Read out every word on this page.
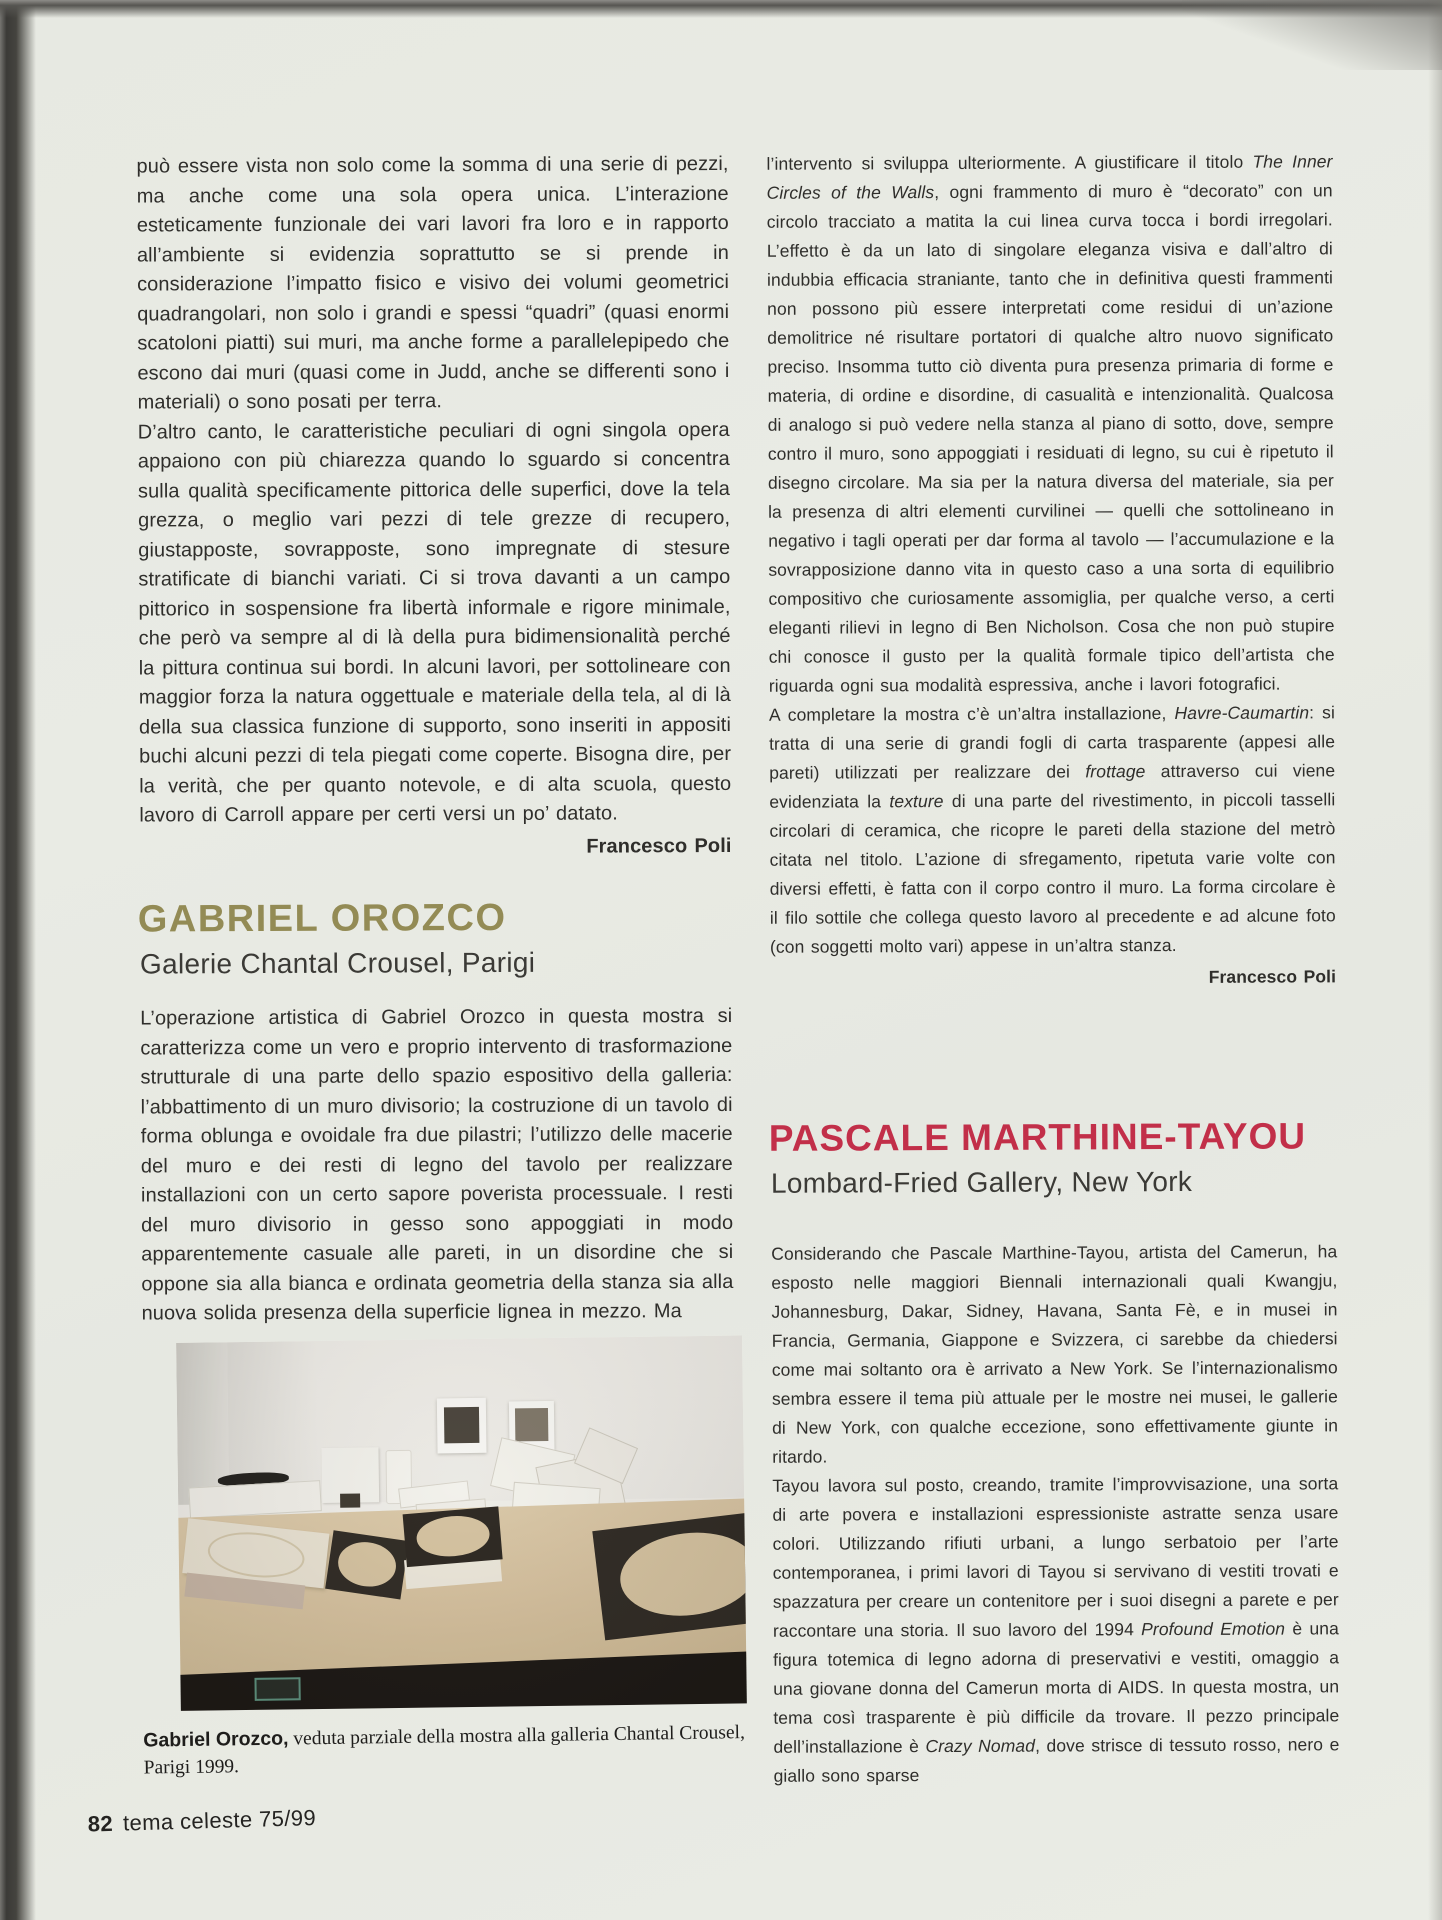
può essere vista non solo come la somma di una serie di pezzi, ma anche come una sola opera unica. L’interazione esteticamente funzionale dei vari lavori fra loro e in rapporto all’ambiente si evidenzia soprattutto se si prende in considerazione l’impatto fisico e visivo dei volumi geometrici quadrangolari, non solo i grandi e spessi “quadri” (quasi enormi scatoloni piatti) sui muri, ma anche forme a parallelepipedo che escono dai muri (quasi come in Judd, anche se differenti sono i materiali) o sono posati per terra.

D’altro canto, le caratteristiche peculiari di ogni singola opera appaiono con più chiarezza quando lo sguardo si concentra sulla qualità specificamente pittorica delle superfici, dove la tela grezza, o meglio vari pezzi di tele grezze di recupero, giustapposte, sovrapposte, sono impregnate di stesure stratificate di bianchi variati. Ci si trova davanti a un campo pittorico in sospensione fra libertà informale e rigore minimale, che però va sempre al di là della pura bidimensionalità perché la pittura continua sui bordi. In alcuni lavori, per sottolineare con maggior forza la natura oggettuale e materiale della tela, al di là della sua classica funzione di supporto, sono inseriti in appositi buchi alcuni pezzi di tela piegati come coperte. Bisogna dire, per la verità, che per quanto notevole, e di alta scuola, questo lavoro di Carroll appare per certi versi un po’ datato.

Francesco Poli
GABRIEL OROZCO
Galerie Chantal Crousel, Parigi

L’operazione artistica di Gabriel Orozco in questa mostra si caratterizza come un vero e proprio intervento di trasformazione strutturale di una parte dello spazio espositivo della galleria: l’abbattimento di un muro divisorio; la costruzione di un tavolo di forma oblunga e ovoidale fra due pilastri; l’utilizzo delle macerie del muro e dei resti di legno del tavolo per realizzare installazioni con un certo sapore poverista processuale. I resti del muro divisorio in gesso sono appoggiati in modo apparentemente casuale alle pareti, in un disordine che si oppone sia alla bianca e ordinata geometria della stanza sia alla nuova solida presenza della superficie lignea in mezzo. Ma

Gabriel Orozco, veduta parziale della mostra alla galleria Chantal Crousel, Parigi 1999.

l’intervento si sviluppa ulteriormente. A giustificare il titolo The Inner Circles of the Walls, ogni frammento di muro è “decorato” con un circolo tracciato a matita la cui linea curva tocca i bordi irregolari. L’effetto è da un lato di singolare eleganza visiva e dall’altro di indubbia efficacia straniante, tanto che in definitiva questi frammenti non possono più essere interpretati come residui di un’azione demolitrice né risultare portatori di qualche altro nuovo significato preciso. Insomma tutto ciò diventa pura presenza primaria di forme e materia, di ordine e disordine, di casualità e intenzionalità. Qualcosa di analogo si può vedere nella stanza al piano di sotto, dove, sempre contro il muro, sono appoggiati i residuati di legno, su cui è ripetuto il disegno circolare. Ma sia per la natura diversa del materiale, sia per la presenza di altri elementi curvilinei — quelli che sottolineano in negativo i tagli operati per dar forma al tavolo — l’accumulazione e la sovrapposizione danno vita in questo caso a una sorta di equilibrio compositivo che curiosamente assomiglia, per qualche verso, a certi eleganti rilievi in legno di Ben Nicholson. Cosa che non può stupire chi conosce il gusto per la qualità formale tipico dell’artista che riguarda ogni sua modalità espressiva, anche i lavori fotografici.

A completare la mostra c’è un’altra installazione, Havre-Caumartin: si tratta di una serie di grandi fogli di carta trasparente (appesi alle pareti) utilizzati per realizzare dei frottage attraverso cui viene evidenziata la texture di una parte del rivestimento, in piccoli tasselli circolari di ceramica, che ricopre le pareti della stazione del metrò citata nel titolo. L’azione di sfregamento, ripetuta varie volte con diversi effetti, è fatta con il corpo contro il muro. La forma circolare è il filo sottile che collega questo lavoro al precedente e ad alcune foto (con soggetti molto vari) appese in un’altra stanza.

Francesco Poli
PASCALE MARTHINE-TAYOU
Lombard-Fried Gallery, New York

Considerando che Pascale Marthine-Tayou, artista del Camerun, ha esposto nelle maggiori Biennali internazionali quali Kwangju, Johannesburg, Dakar, Sidney, Havana, Santa Fè, e in musei in Francia, Germania, Giappone e Svizzera, ci sarebbe da chiedersi come mai soltanto ora è arrivato a New York. Se l’internazionalismo sembra essere il tema più attuale per le mostre nei musei, le gallerie di New York, con qualche eccezione, sono effettivamente giunte in ritardo.

Tayou lavora sul posto, creando, tramite l’improvvisazione, una sorta di arte povera e installazioni espressioniste astratte senza usare colori. Utilizzando rifiuti urbani, a lungo serbatoio per l’arte contemporanea, i primi lavori di Tayou si servivano di vestiti trovati e spazzatura per creare un contenitore per i suoi disegni a parete e per raccontare una storia. Il suo lavoro del 1994 Profound Emotion è una figura totemica di legno adorna di preservativi e vestiti, omaggio a una giovane donna del Camerun morta di AIDS. In questa mostra, un tema così trasparente è più difficile da trovare. Il pezzo principale dell’installazione è Crazy Nomad, dove strisce di tessuto rosso, nero e giallo sono sparse

82 tema celeste 75/99
